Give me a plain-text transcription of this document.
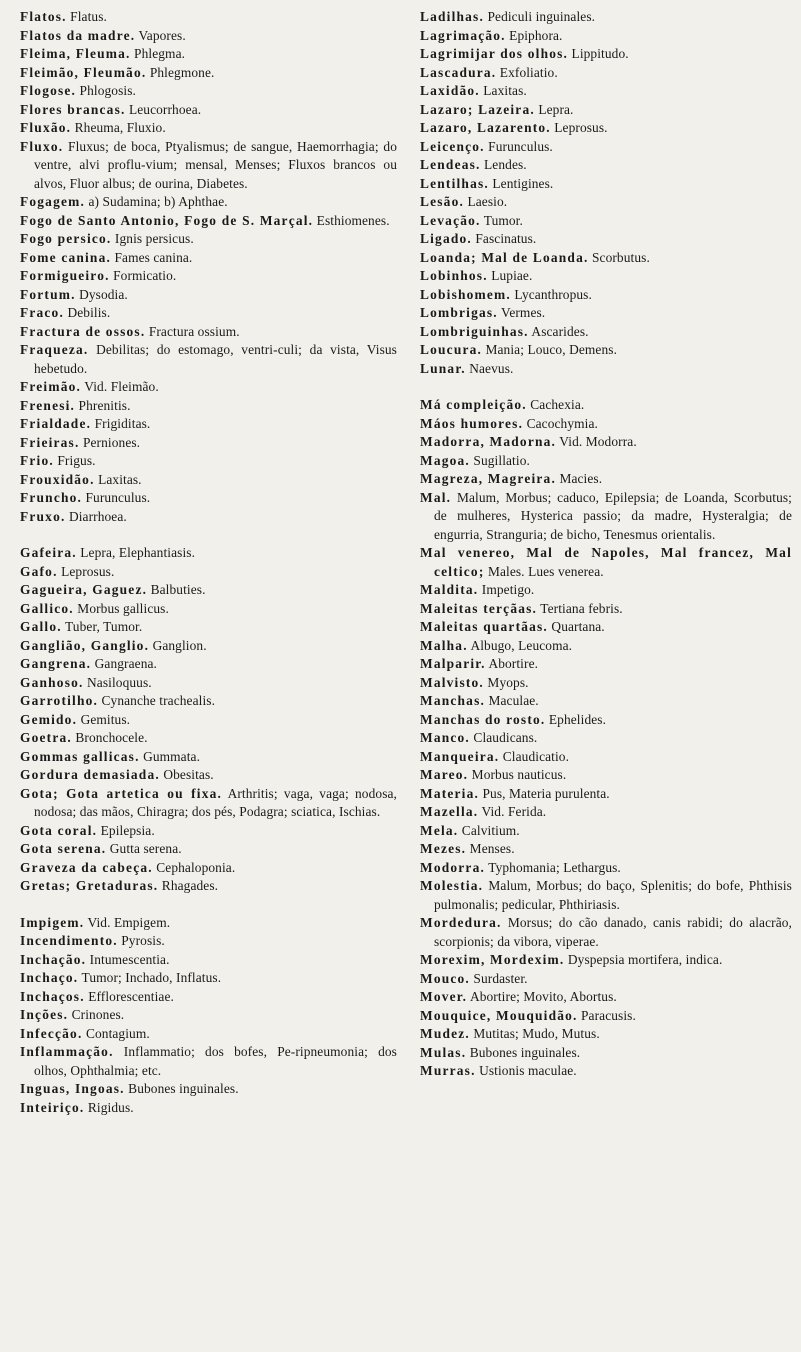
Flatos. Flatus.

Flatos da madre. Vapores.

Fleima, Fleuma. Phlegma.

Fleimão, Fleumão. Phlegmone.

Flogose. Phlogosis.

Flores brancas. Leucorrhoea.

Fluxão. Rheuma, Fluxio.

Fluxo. Fluxus; de boca, Ptyalismus; de sangue, Haemorrhagia; do ventre, alvi proflu-vium; mensal, Menses; Fluxos brancos ou alvos, Fluor albus; de ourina, Diabetes.

Fogagem. a) Sudamina; b) Aphthae.

Fogo de Santo Antonio, Fogo de S. Marçal. Esthiomenes.

Fogo persico. Ignis persicus.

Fome canina. Fames canina.

Formigueiro. Formicatio.

Fortum. Dysodia.

Fraco. Debilis.

Fractura de ossos. Fractura ossium.

Fraqueza. Debilitas; do estomago, ventri-culi; da vista, Visus hebetudo.

Freimão. Vid. Fleimão.

Frenesi. Phrenitis.

Frialdade. Frigiditas.

Frieiras. Perniones.

Frio. Frigus.

Frouxidão. Laxitas.

Fruncho. Furunculus.

Fruxo. Diarrhoea.

Gafeira. Lepra, Elephantiasis.

Gafo. Leprosus.

Gagueira, Gaguez. Balbuties.

Gallico. Morbus gallicus.

Gallo. Tuber, Tumor.

Ganglião, Ganglio. Ganglion.

Gangrena. Gangraena.

Ganhoso. Nasiloquus.

Garrotilho. Cynanche trachealis.

Gemido. Gemitus.

Goetra. Bronchocele.

Gommas gallicas. Gummata.

Gordura demasiada. Obesitas.

Gota; Gota artetica ou fixa. Arthritis; vaga, vaga; nodosa, nodosa; das mãos, Chiragra; dos pés, Podagra; sciatica, Ischias.

Gota coral. Epilepsia.

Gota serena. Gutta serena.

Graveza da cabeça. Cephaloponia.

Gretas; Gretaduras. Rhagades.

Impigem. Vid. Empigem.

Incendimento. Pyrosis.

Inchação. Intumescentia.

Inchaço. Tumor; Inchado, Inflatus.

Inchaços. Efflorescentiae.

Inções. Crinones.

Infecção. Contagium.

Inflammação. Inflammatio; dos bofes, Pe-ripneumonia; dos olhos, Ophthalmia; etc.

Inguas, Ingoas. Bubones inguinales.

Inteiriço. Rigidus.

Ladilhas. Pediculi inguinales.

Lagrimação. Epiphora.

Lagrimijar dos olhos. Lippitudo.

Lascadura. Exfoliatio.

Laxidão. Laxitas.

Lazaro; Lazeira. Lepra.

Lazaro, Lazarento. Leprosus.

Leicenço. Furunculus.

Lendeas. Lendes.

Lentilhas. Lentigines.

Lesão. Laesio.

Levação. Tumor.

Ligado. Fascinatus.

Loanda; Mal de Loanda. Scorbutus.

Lobinhos. Lupiae.

Lobishomem. Lycanthropus.

Lombrigas. Vermes.

Lombriguinhas. Ascarides.

Loucura. Mania; Louco, Demens.

Lunar. Naevus.

Má compleição. Cachexia.

Máos humores. Cacochymia.

Madorra, Madorna. Vid. Modorra.

Magoa. Sugillatio.

Magreza, Magreira. Macies.

Mal. Malum, Morbus; caduco, Epilepsia; de Loanda, Scorbutus; de mulheres, Hysterica passio; da madre, Hysteralgia; de engurria, Stranguria; de bicho, Tenesmus orientalis.

Mal venereo, Mal de Napoles, Mal francez, Mal celtico; Males. Lues venerea.

Maldita. Impetigo.

Maleitas terçãas. Tertiana febris.

Maleitas quartãas. Quartana.

Malha. Albugo, Leucoma.

Malparir. Abortire.

Malvisto. Myops.

Manchas. Maculae.

Manchas do rosto. Ephelides.

Manco. Claudicans.

Manqueira. Claudicatio.

Mareo. Morbus nauticus.

Materia. Pus, Materia purulenta.

Mazella. Vid. Ferida.

Mela. Calvitium.

Mezes. Menses.

Modorra. Typhomania; Lethargus.

Molestia. Malum, Morbus; do baço, Splenitis; do bofe, Phthisis pulmonalis; pedicular, Phthiriasis.

Mordedura. Morsus; do cão danado, canis rabidi; do alacrão, scorpionis; da vibora, viperae.

Morexim, Mordexim. Dyspepsia mortifera, indica.

Mouco. Surdaster.

Mover. Abortire; Movito, Abortus.

Mouquice, Mouquidão. Paracusis.

Mudez. Mutitas; Mudo, Mutus.

Mulas. Bubones inguinales.

Murras. Ustionis maculae.
